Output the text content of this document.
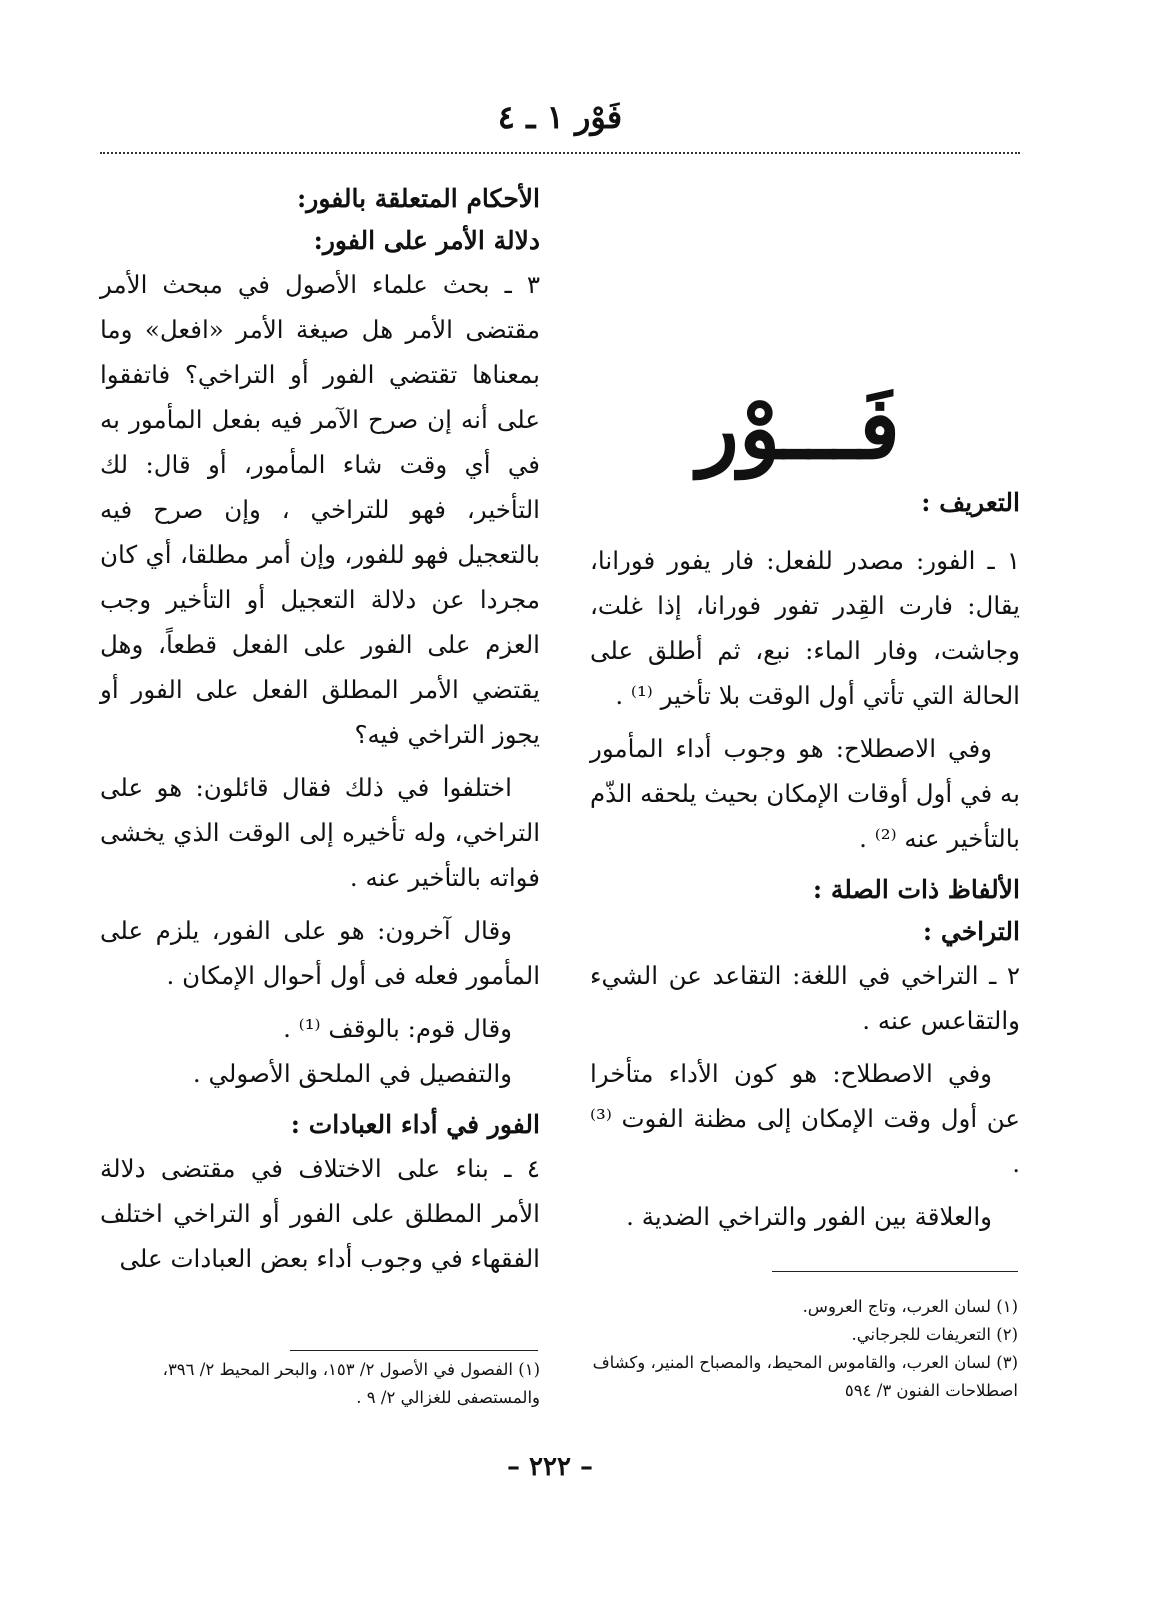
فَوْر ١ ـ ٤
فَـــوْر

التعريف :

١ ـ الفور: مصدر للفعل: فار يفور فورانا، يقال: فارت القِدر تفور فورانا، إذا غلت، وجاشت، وفار الماء: نبع، ثم أطلق على الحالة التي تأتي أول الوقت بلا تأخير ⁽¹⁾ .

وفي الاصطلاح: هو وجوب أداء المأمور به في أول أوقات الإمكان بحيث يلحقه الذّم بالتأخير عنه ⁽²⁾ .

الألفاظ ذات الصلة :

التراخي :

٢ ـ التراخي في اللغة: التقاعد عن الشيء والتقاعس عنه .

وفي الاصطلاح: هو كون الأداء متأخرا عن أول وقت الإمكان إلى مظنة الفوت ⁽³⁾ .

والعلاقة بين الفور والتراخي الضدية .

الأحكام المتعلقة بالفور:

دلالة الأمر على الفور:

٣ ـ بحث علماء الأصول في مبحث الأمر مقتضى الأمر هل صيغة الأمر «افعل» وما بمعناها تقتضي الفور أو التراخي؟ فاتفقوا على أنه إن صرح الآمر فيه بفعل المأمور به في أي وقت شاء المأمور، أو قال: لك التأخير، فهو للتراخي ، وإن صرح فيه بالتعجيل فهو للفور، وإن أمر مطلقا، أي كان مجردا عن دلالة التعجيل أو التأخير وجب العزم على الفور على الفعل قطعاً، وهل يقتضي الأمر المطلق الفعل على الفور أو يجوز التراخي فيه؟

اختلفوا في ذلك فقال قائلون: هو على التراخي، وله تأخيره إلى الوقت الذي يخشى فواته بالتأخير عنه .

وقال آخرون: هو على الفور، يلزم على المأمور فعله فى أول أحوال الإمكان .

وقال قوم: بالوقف ⁽¹⁾ .

والتفصيل في الملحق الأصولي .

الفور في أداء العبادات :

٤ ـ بناء على الاختلاف في مقتضى دلالة الأمر المطلق على الفور أو التراخي اختلف الفقهاء في وجوب أداء بعض العبادات على

(١) لسان العرب، وتاج العروس.
(٢) التعريفات للجرجاني.
(٣) لسان العرب، والقاموس المحيط، والمصباح المنير، وكشاف اصطلاحات الفنون ٣/ ٥٩٤
(١) الفصول في الأصول ٢/ ١٥٣، والبحر المحيط ٢/ ٣٩٦، والمستصفى للغزالي ٢/ ٩ .
– ٢٢٢ –
